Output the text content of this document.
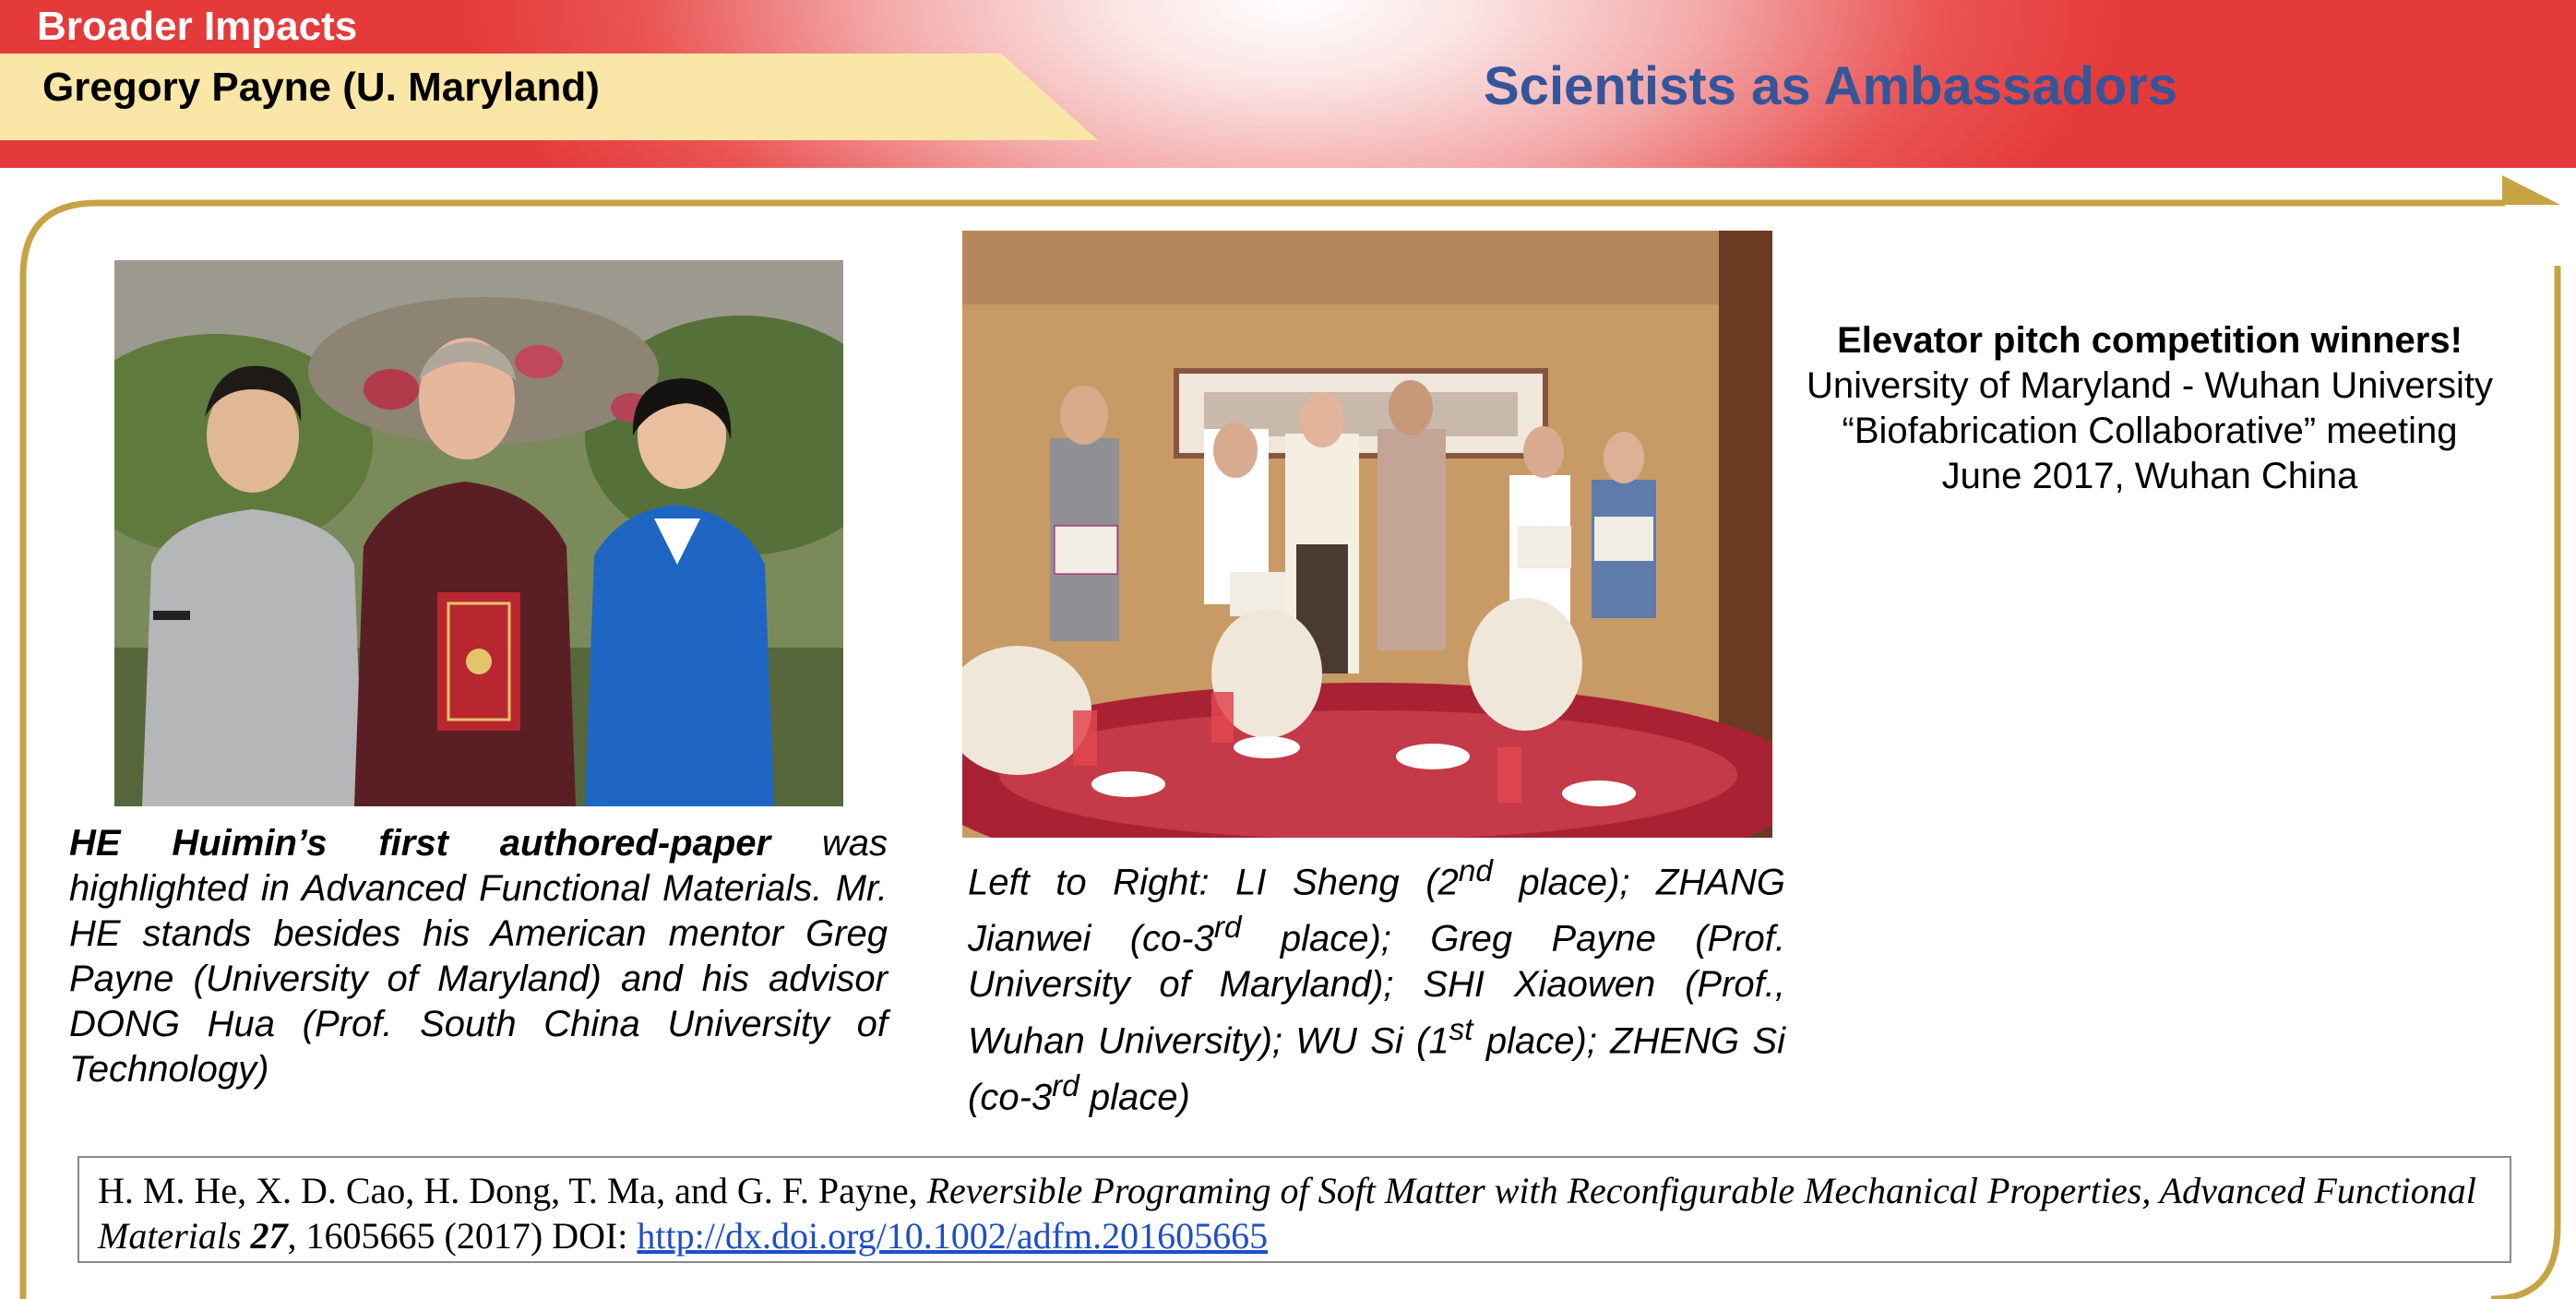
Broader Impacts
Gregory Payne (U. Maryland)	Scientists as Ambassadors
HE Huimin’s first authored-paper was highlighted in Advanced Functional Materials. Mr. HE stands besides his American mentor Greg Payne (University of Maryland) and his advisor DONG Hua (Prof. South China University of Technology)
Left to Right: LI Sheng (2nd place); ZHANG Jianwei (co-3rd place); Greg Payne (Prof. University of Maryland); SHI Xiaowen (Prof., Wuhan University); WU Si (1st place); ZHENG Si (co-3rd place)
Elevator pitch competition winners!
University of Maryland - Wuhan University
“Biofabrication Collaborative” meeting
June 2017, Wuhan China
H. M. He, X. D. Cao, H. Dong, T. Ma, and G. F. Payne, Reversible Programing of Soft Matter with Reconfigurable Mechanical Properties, Advanced Functional Materials 27, 1605665 (2017) DOI: http://dx.doi.org/10.1002/adfm.201605665
